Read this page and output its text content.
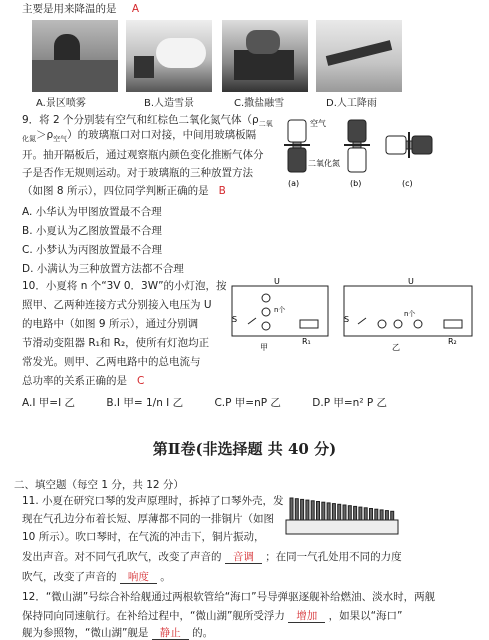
主要是用来降温的是 A
A.景区喷雾	B.人造雪景	C.撒盐融雪	D.人工降雨
9．将 2 个分别装有空气和红棕色二氧化氮气体（$\rho_{二氧}$
$_{化氮}>\rho_{空气}$）的玻璃瓶口对口对接，中间用玻璃板隔
开。抽开隔板后，通过观察瓶内颜色变化推断气体分
子是否作无规则运动。对于玻璃瓶的三种放置方法
（如图 8 所示），四位同学判断正确的是 B
A. 小华认为甲图放置最不合理
B. 小夏认为乙图放置最不合理
C. 小梦认为丙图放置最不合理
D. 小满认为三种放置方法都不合理
空气
二氧化氮
(a)	(b)	(c)
10．小夏将 n 个“3V 0．3W”的小灯泡，按
照甲、乙两种连接方式分别接入电压为 U
的电路中（如图 9 所示），通过分别调
节滑动变阻器 R₁和 R₂，使所有灯泡均正
常发光。则甲、乙两电路中的总电流与
总功率的关系正确的是 C
A.I 甲=I 乙	B.I 甲= 1/n I 乙	C.P 甲=nP 乙	D.P 甲=n² P 乙
U
S
n个
R₁
甲
U
S
n个
R₂
乙
第Ⅱ卷(非选择题 共 40 分)
二、填空题（每空 1 分，共 12 分）
11. 小夏在研究口琴的发声原理时，拆掉了口琴外壳，发
现在气孔边分布着长短、厚薄都不同的一排铜片（如图
10 所示）。吹口琴时，在气流的冲击下，铜片振动，
发出声音。对不同气孔吹气，改变了声音的 音调 ；在同一气孔处用不同的力度
吹气，改变了声音的 响度 。
12．“微山湖”号综合补给舰通过两根软管给“海口”号导弹驱逐舰补给燃油、淡水时，两舰
保持同向同速航行。在补给过程中，“微山湖”舰所受浮力 增加 ，如果以“海口”
舰为参照物，“微山湖”舰是 静止 的。
